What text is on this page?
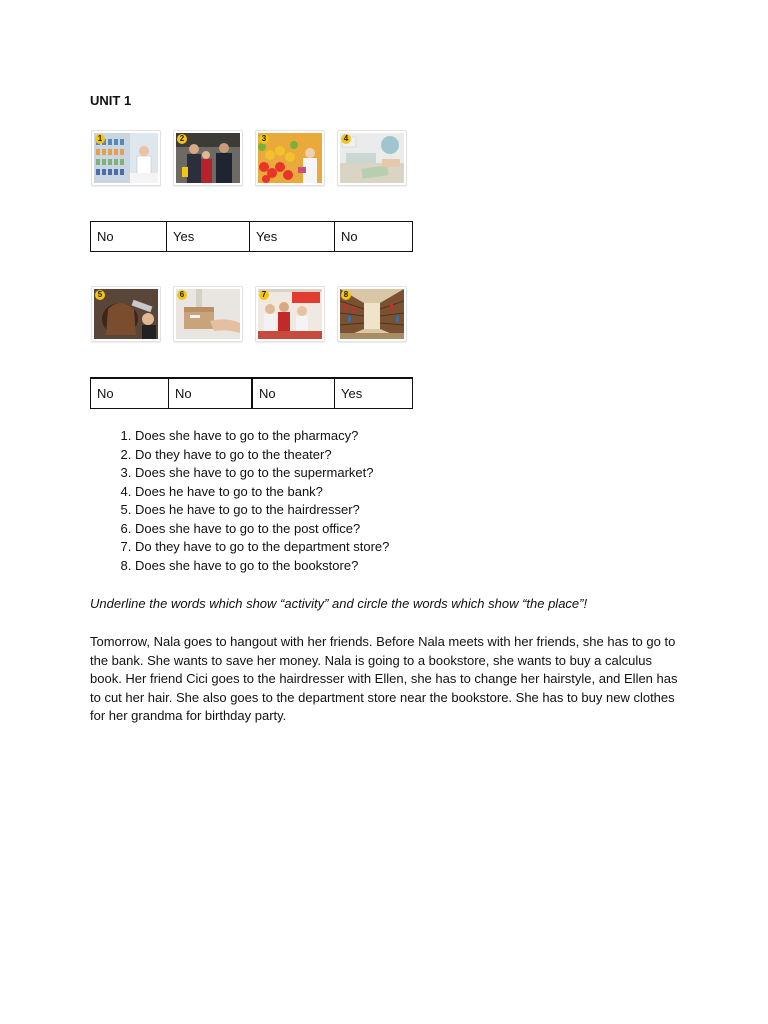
UNIT 1
1	2	3	4
No	Yes	Yes	No
5	6	7	8
No	No	No	Yes
1. Does she have to go to the pharmacy?
2. Do they have to go to the theater?
3. Does she have to go to the supermarket?
4. Does he have to go to the bank?
5. Does he have to go to the hairdresser?
6. Does she have to go to the post office?
7. Do they have to go to the department store?
8. Does she have to go to the bookstore?

Underline the words which show “activity” and circle the words which show “the place”!

Tomorrow, Nala goes to hangout with her friends. Before Nala meets with her friends, she has to go to the bank. She wants to save her money. Nala is going to a bookstore, she wants to buy a calculus book. Her friend Cici goes to the hairdresser with Ellen, she has to change her hairstyle, and Ellen has to cut her hair. She also goes to the department store near the bookstore. She has to buy new clothes for her grandma for birthday party.
